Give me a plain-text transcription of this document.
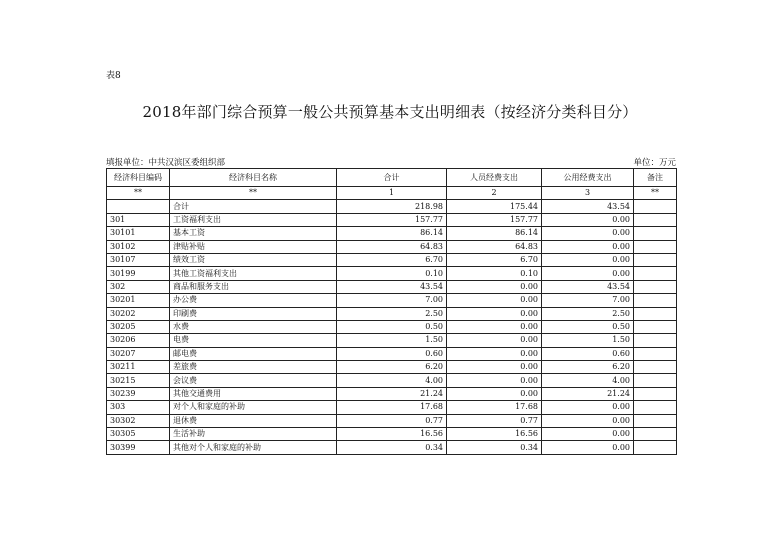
表8
2018年部门综合预算一般公共预算基本支出明细表（按经济分类科目分）
填报单位：中共汉滨区委组织部	单位：万元
经济科目编码	经济科目名称	合计	人员经费支出	公用经费支出	备注
**	**	1	2	3	**
	合计	218.98	175.44	43.54	
301	工资福利支出	157.77	157.77	0.00	
30101	基本工资	86.14	86.14	0.00	
30102	津贴补贴	64.83	64.83	0.00	
30107	绩效工资	6.70	6.70	0.00	
30199	其他工资福利支出	0.10	0.10	0.00	
302	商品和服务支出	43.54	0.00	43.54	
30201	办公费	7.00	0.00	7.00	
30202	印刷费	2.50	0.00	2.50	
30205	水费	0.50	0.00	0.50	
30206	电费	1.50	0.00	1.50	
30207	邮电费	0.60	0.00	0.60	
30211	差旅费	6.20	0.00	6.20	
30215	会议费	4.00	0.00	4.00	
30239	其他交通费用	21.24	0.00	21.24	
303	对个人和家庭的补助	17.68	17.68	0.00	
30302	退休费	0.77	0.77	0.00	
30305	生活补助	16.56	16.56	0.00	
30399	其他对个人和家庭的补助	0.34	0.34	0.00	
